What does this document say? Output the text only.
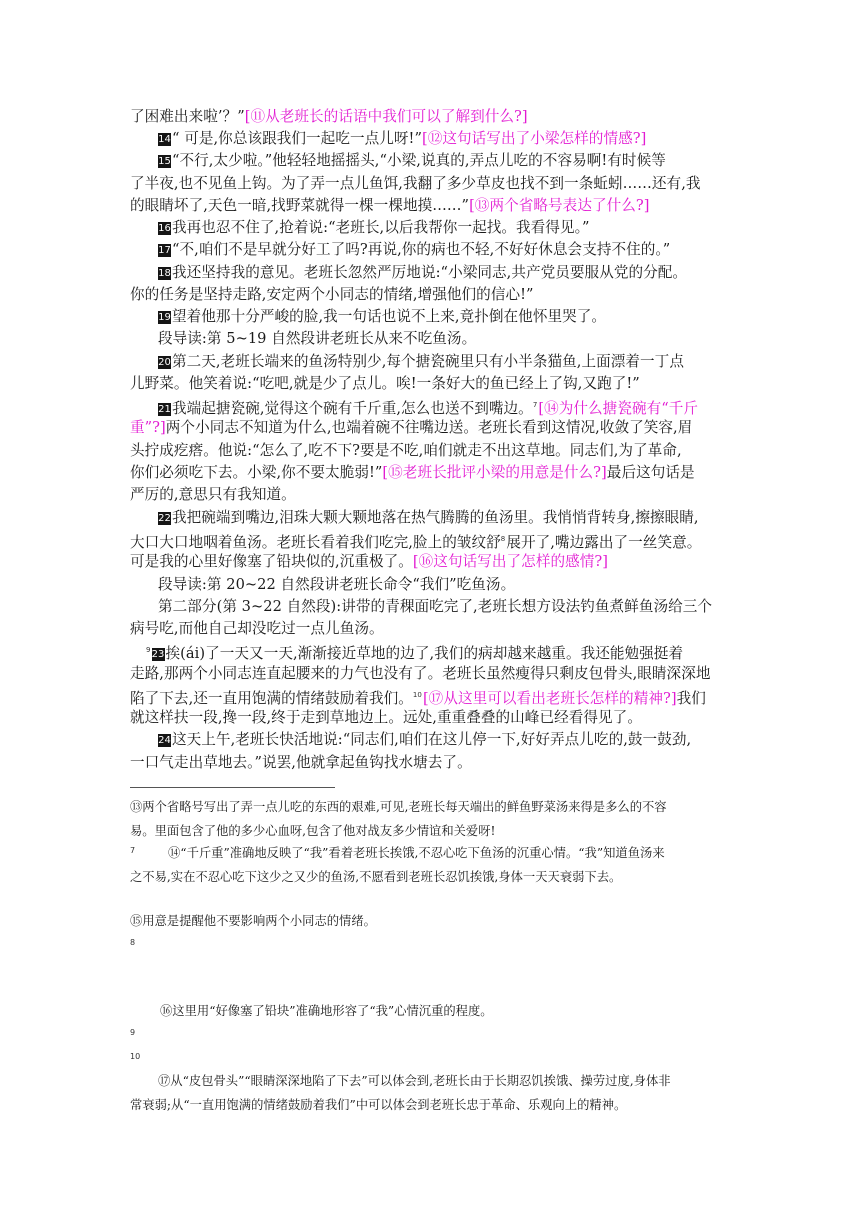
了困难出来啦’？”[⑪从老班长的话语中我们可以了解到什么?]
14“ 可是,你总该跟我们一起吃一点儿呀!”[⑫这句话写出了小梁怎样的情感?]
15“不行,太少啦。”他轻轻地摇摇头,“小梁,说真的,弄点儿吃的不容易啊!有时候等
了半夜,也不见鱼上钩。为了弄一点儿鱼饵,我翻了多少草皮也找不到一条蚯蚓……还有,我
的眼睛坏了,天色一暗,找野菜就得一棵一棵地摸……”[⑬两个省略号表达了什么?]
16我再也忍不住了,抢着说:“老班长,以后我帮你一起找。我看得见。”
17“不,咱们不是早就分好工了吗?再说,你的病也不轻,不好好休息会支持不住的。”
18我还坚持我的意见。老班长忽然严厉地说:“小梁同志,共产党员要服从党的分配。
你的任务是坚持走路,安定两个小同志的情绪,增强他们的信心!”
19望着他那十分严峻的脸,我一句话也说不上来,竟扑倒在他怀里哭了。
段导读:第 5~19 自然段讲老班长从来不吃鱼汤。
20第二天,老班长端来的鱼汤特别少,每个搪瓷碗里只有小半条猫鱼,上面漂着一丁点
儿野菜。他笑着说:“吃吧,就是少了点儿。唉!一条好大的鱼已经上了钩,又跑了!”
21我端起搪瓷碗,觉得这个碗有千斤重,怎么也送不到嘴边。$^7$[⑭为什么搪瓷碗有“千斤
重”?]两个小同志不知道为什么,也端着碗不往嘴边送。老班长看到这情况,收敛了笑容,眉
头拧成疙瘩。他说:“怎么了,吃不下?要是不吃,咱们就走不出这草地。同志们,为了革命,
你们必须吃下去。小梁,你不要太脆弱!”[⑮老班长批评小梁的用意是什么?]最后这句话是
严厉的,意思只有我知道。
22我把碗端到嘴边,泪珠大颗大颗地落在热气腾腾的鱼汤里。我悄悄背转身,擦擦眼睛,
大口大口地咽着鱼汤。老班长看着我们吃完,脸上的皱纹舒$^8$展开了,嘴边露出了一丝笑意。
可是我的心里好像塞了铅块似的,沉重极了。[⑯这句话写出了怎样的感情?]
段导读:第 20~22 自然段讲老班长命令“我们”吃鱼汤。
第二部分(第 3~22 自然段):讲带的青稞面吃完了,老班长想方设法钓鱼煮鲜鱼汤给三个
病号吃,而他自己却没吃过一点儿鱼汤。
$^9$23挨(ái)了一天又一天,渐渐接近草地的边了,我们的病却越来越重。我还能勉强挺着
走路,那两个小同志连直起腰来的力气也没有了。老班长虽然瘦得只剩皮包骨头,眼睛深深地
陷了下去,还一直用饱满的情绪鼓励着我们。$^{10}$[⑰从这里可以看出老班长怎样的精神?]我们
就这样扶一段,搀一段,终于走到草地边上。远处,重重叠叠的山峰已经看得见了。
24这天上午,老班长快活地说:“同志们,咱们在这儿停一下,好好弄点儿吃的,鼓一鼓劲,
一口气走出草地去。”说罢,他就拿起鱼钩找水塘去了。
⑬两个省略号写出了弄一点儿吃的东西的艰难,可见,老班长每天端出的鲜鱼野菜汤来得是多么的不容
易。里面包含了他的多少心血呀,包含了他对战友多少情谊和关爱呀!
7	⑭“千斤重”准确地反映了“我”看着老班长挨饿,不忍心吃下鱼汤的沉重心情。“我”知道鱼汤来
之不易,实在不忍心吃下这少之又少的鱼汤,不愿看到老班长忍饥挨饿,身体一天天衰弱下去。
⑮用意是提醒他不要影响两个小同志的情绪。
8
⑯这里用“好像塞了铅块”准确地形容了“我”心情沉重的程度。
9
10
⑰从“皮包骨头”“眼睛深深地陷了下去”可以体会到,老班长由于长期忍饥挨饿、操劳过度,身体非
常衰弱;从“一直用饱满的情绪鼓励着我们”中可以体会到老班长忠于革命、乐观向上的精神。
